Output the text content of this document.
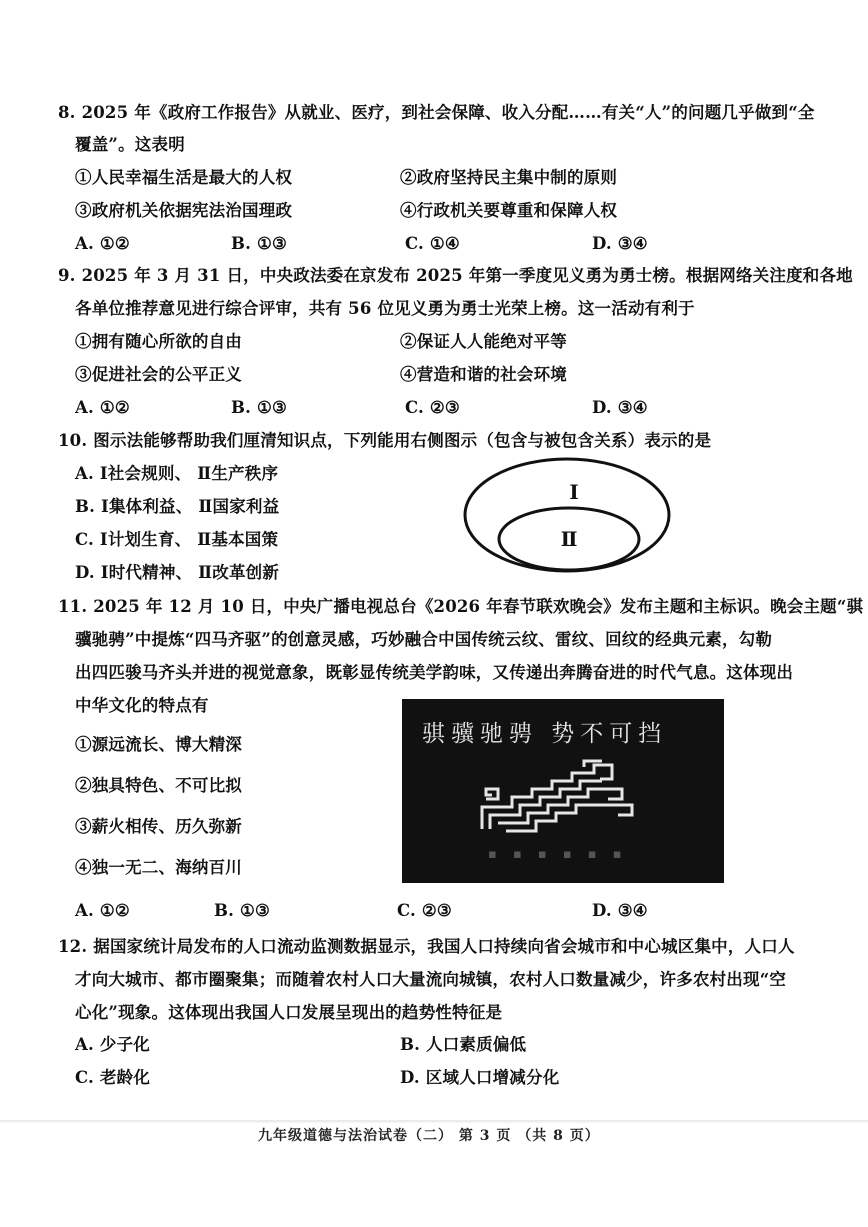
8. 2025 年《政府工作报告》从就业、医疗，到社会保障、收入分配……有关“人”的问题几乎做到“全
覆盖”。这表明
①人民幸福生活是最大的人权	②政府坚持民主集中制的原则
③政府机关依据宪法治国理政	④行政机关要尊重和保障人权
A. ①②	B. ①③	C. ①④	D. ③④
9. 2025 年 3 月 31 日，中央政法委在京发布 2025 年第一季度见义勇为勇士榜。根据网络关注度和各地
各单位推荐意见进行综合评审，共有 56 位见义勇为勇士光荣上榜。这一活动有利于
①拥有随心所欲的自由	②保证人人能绝对平等
③促进社会的公平正义	④营造和谐的社会环境
A. ①②	B. ①③	C. ②③	D. ③④
10. 图示法能够帮助我们厘清知识点，下列能用右侧图示（包含与被包含关系）表示的是
A. Ⅰ社会规则、 Ⅱ生产秩序
B. Ⅰ集体利益、 Ⅱ国家利益
C. Ⅰ计划生育、 Ⅱ基本国策
D. Ⅰ时代精神、 Ⅱ改革创新
Ⅰ
Ⅱ
11. 2025 年 12 月 10 日，中央广播电视总台《2026 年春节联欢晚会》发布主题和主标识。晚会主题“骐
骥驰骋”中提炼“四马齐驱”的创意灵感，巧妙融合中国传统云纹、雷纹、回纹的经典元素，勾勒
出四匹骏马齐头并进的视觉意象，既彰显传统美学韵味，又传递出奔腾奋进的时代气息。这体现出
中华文化的特点有
①源远流长、博大精深
②独具特色、不可比拟
③薪火相传、历久弥新
④独一无二、海纳百川
骐骥驰骋 势不可挡
▪ ▪ ▪ ▪ ▪ ▪
A. ①②	B. ①③	C. ②③	D. ③④
12. 据国家统计局发布的人口流动监测数据显示，我国人口持续向省会城市和中心城区集中，人口人
才向大城市、都市圈聚集；而随着农村人口大量流向城镇，农村人口数量减少，许多农村出现“空
心化”现象。这体现出我国人口发展呈现出的趋势性特征是
A. 少子化	B. 人口素质偏低
C. 老龄化	D. 区域人口增减分化
九年级道德与法治试卷（二） 第 3 页 （共 8 页）
